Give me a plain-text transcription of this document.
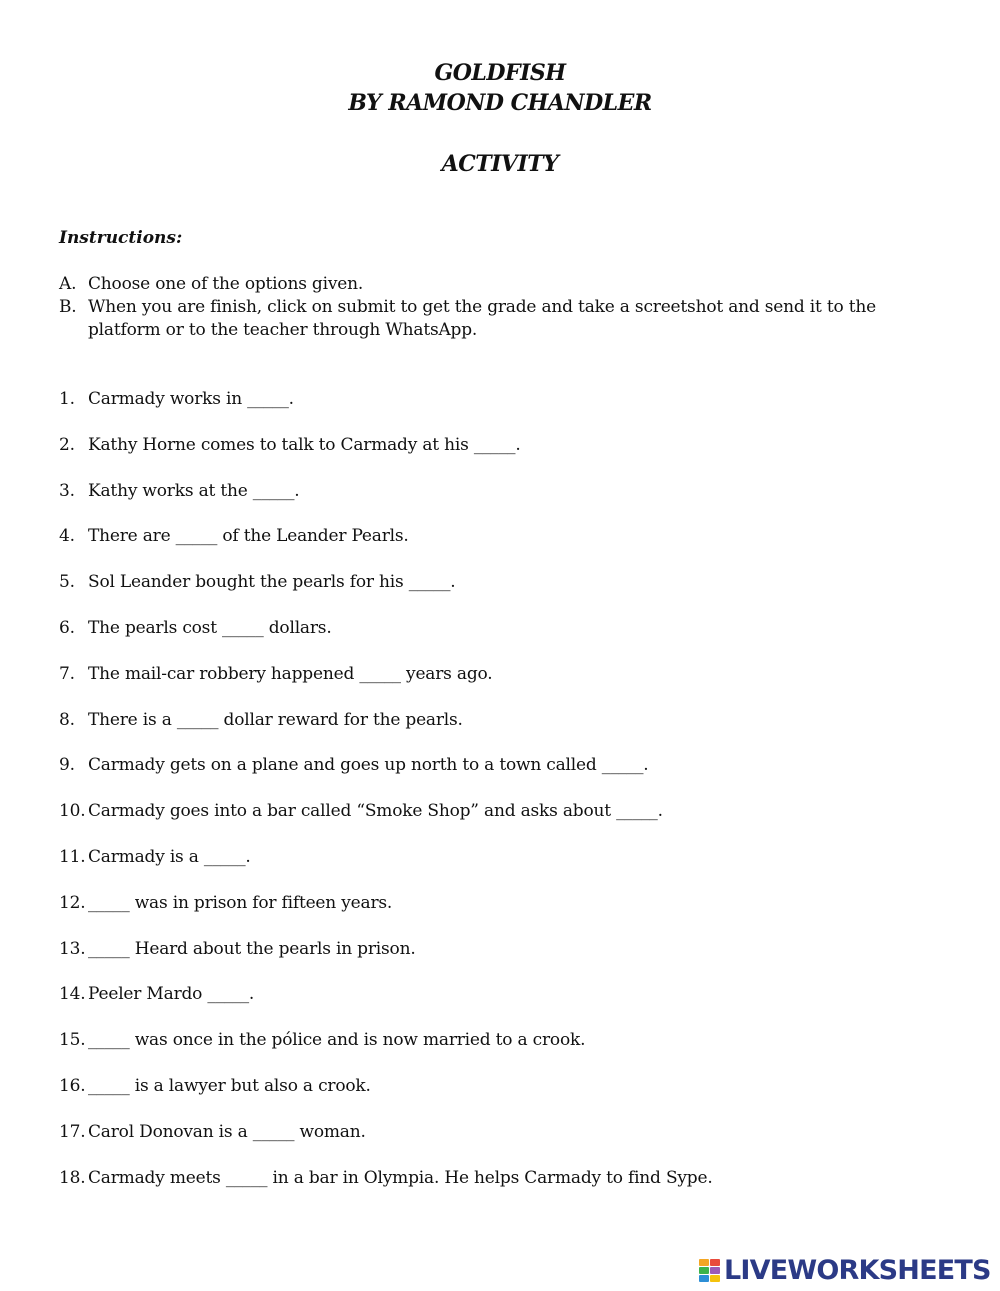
GOLDFISH
BY RAMOND CHANDLER
ACTIVITY
Instructions:
A. Choose one of the options given.
B. When you are finish, click on submit to get the grade and take a screetshot and send it to the platform or to the teacher through WhatsApp.
1. Carmady works in _____.
2. Kathy Horne comes to talk to Carmady at his _____.
3. Kathy works at the _____.
4. There are _____ of the Leander Pearls.
5. Sol Leander bought the pearls for his _____.
6. The pearls cost _____ dollars.
7. The mail-car robbery happened _____ years ago.
8. There is a _____ dollar reward for the pearls.
9. Carmady gets on a plane and goes up north to a town called _____.
10. Carmady goes into a bar called “Smoke Shop” and asks about _____.
11. Carmady is a _____.
12. _____ was in prison for fifteen years.
13. _____ Heard about the pearls in prison.
14. Peeler Mardo _____.
15. _____ was once in the pólice and is now married to a crook.
16. _____ is a lawyer but also a crook.
17. Carol Donovan is a _____ woman.
18. Carmady meets _____ in a bar in Olympia. He helps Carmady to find Sype.
LIVEWORKSHEETS
